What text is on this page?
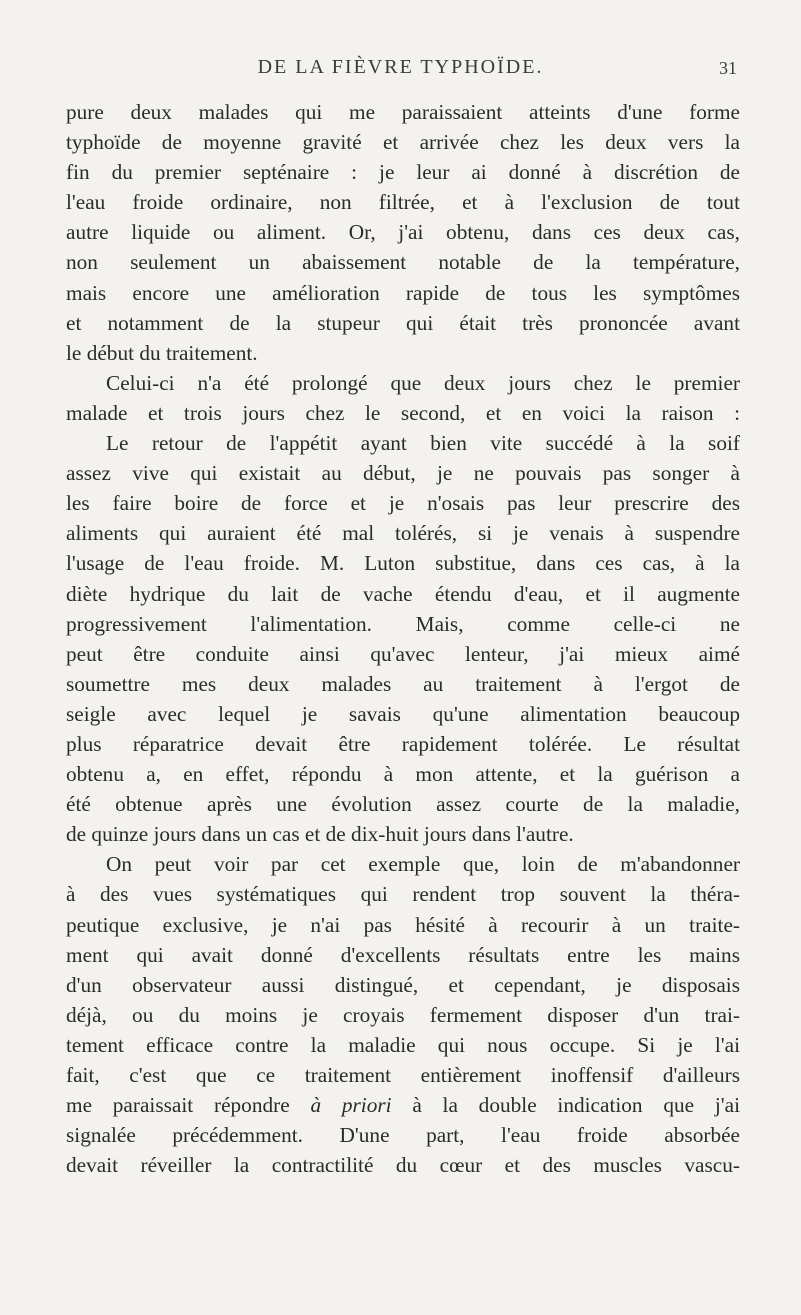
DE LA FIÈVRE TYPHOÏDE.	31

pure deux malades qui me paraissaient atteints d'une forme

typhoïde de moyenne gravité et arrivée chez les deux vers la

fin du premier septénaire : je leur ai donné à discrétion de

l'eau froide ordinaire, non filtrée, et à l'exclusion de tout

autre liquide ou aliment. Or, j'ai obtenu, dans ces deux cas,

non seulement un abaissement notable de la température,

mais encore une amélioration rapide de tous les symptômes

et notamment de la stupeur qui était très prononcée avant

le début du traitement.

Celui-ci n'a été prolongé que deux jours chez le premier

malade et trois jours chez le second, et en voici la raison :

Le retour de l'appétit ayant bien vite succédé à la soif

assez vive qui existait au début, je ne pouvais pas songer à

les faire boire de force et je n'osais pas leur prescrire des

aliments qui auraient été mal tolérés, si je venais à suspendre

l'usage de l'eau froide. M. Luton substitue, dans ces cas, à la

diète hydrique du lait de vache étendu d'eau, et il augmente

progressivement l'alimentation. Mais, comme celle-ci ne

peut être conduite ainsi qu'avec lenteur, j'ai mieux aimé

soumettre mes deux malades au traitement à l'ergot de

seigle avec lequel je savais qu'une alimentation beaucoup

plus réparatrice devait être rapidement tolérée. Le résultat

obtenu a, en effet, répondu à mon attente, et la guérison a

été obtenue après une évolution assez courte de la maladie,

de quinze jours dans un cas et de dix-huit jours dans l'autre.

On peut voir par cet exemple que, loin de m'abandonner

à des vues systématiques qui rendent trop souvent la théra-

peutique exclusive, je n'ai pas hésité à recourir à un traite-

ment qui avait donné d'excellents résultats entre les mains

d'un observateur aussi distingué, et cependant, je disposais

déjà, ou du moins je croyais fermement disposer d'un trai-

tement efficace contre la maladie qui nous occupe. Si je l'ai

fait, c'est que ce traitement entièrement inoffensif d'ailleurs

me paraissait répondre à priori à la double indication que j'ai

signalée précédemment. D'une part, l'eau froide absorbée

devait réveiller la contractilité du cœur et des muscles vascu-
